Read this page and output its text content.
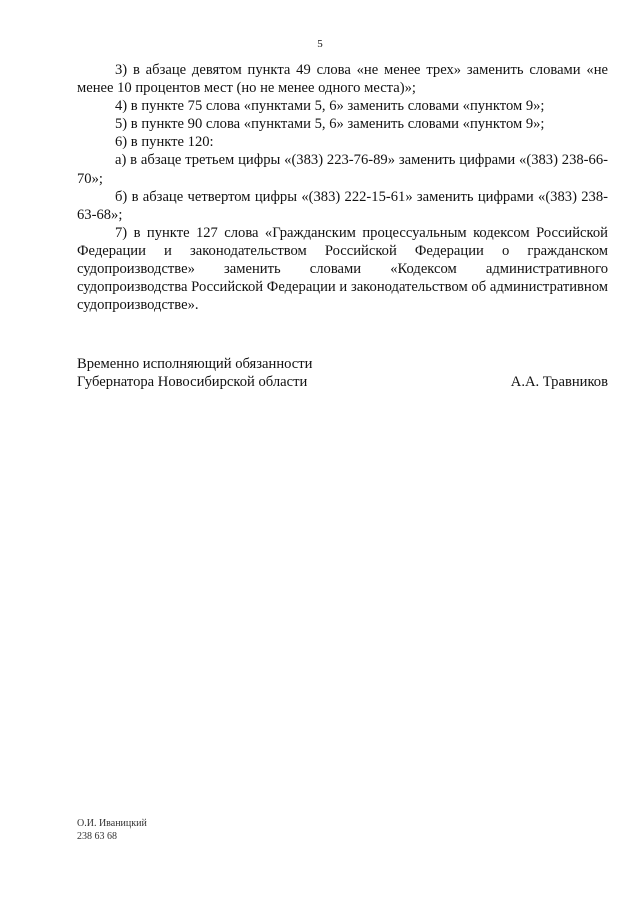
5

3) в абзаце девятом пункта 49 слова «не менее трех» заменить словами «не менее 10 процентов мест (но не менее одного места)»;

4) в пункте 75 слова «пунктами 5, 6» заменить словами «пунктом 9»;

5) в пункте 90 слова «пунктами 5, 6» заменить словами «пунктом 9»;

6) в пункте 120:

а) в абзаце третьем цифры «(383) 223-76-89» заменить цифрами «(383) 238-66-70»;

б) в абзаце четвертом цифры «(383) 222-15-61» заменить цифрами «(383) 238-63-68»;

7) в пункте 127 слова «Гражданским процессуальным кодексом Российской Федерации и законодательством Российской Федерации о гражданском судопроизводстве» заменить словами «Кодексом административного судопроизводства Российской Федерации и законодательством об административном судопроизводстве».

Временно исполняющий обязанности
Губернатора Новосибирской области	А.А. Травников
О.И. Иваницкий
238 63 68
